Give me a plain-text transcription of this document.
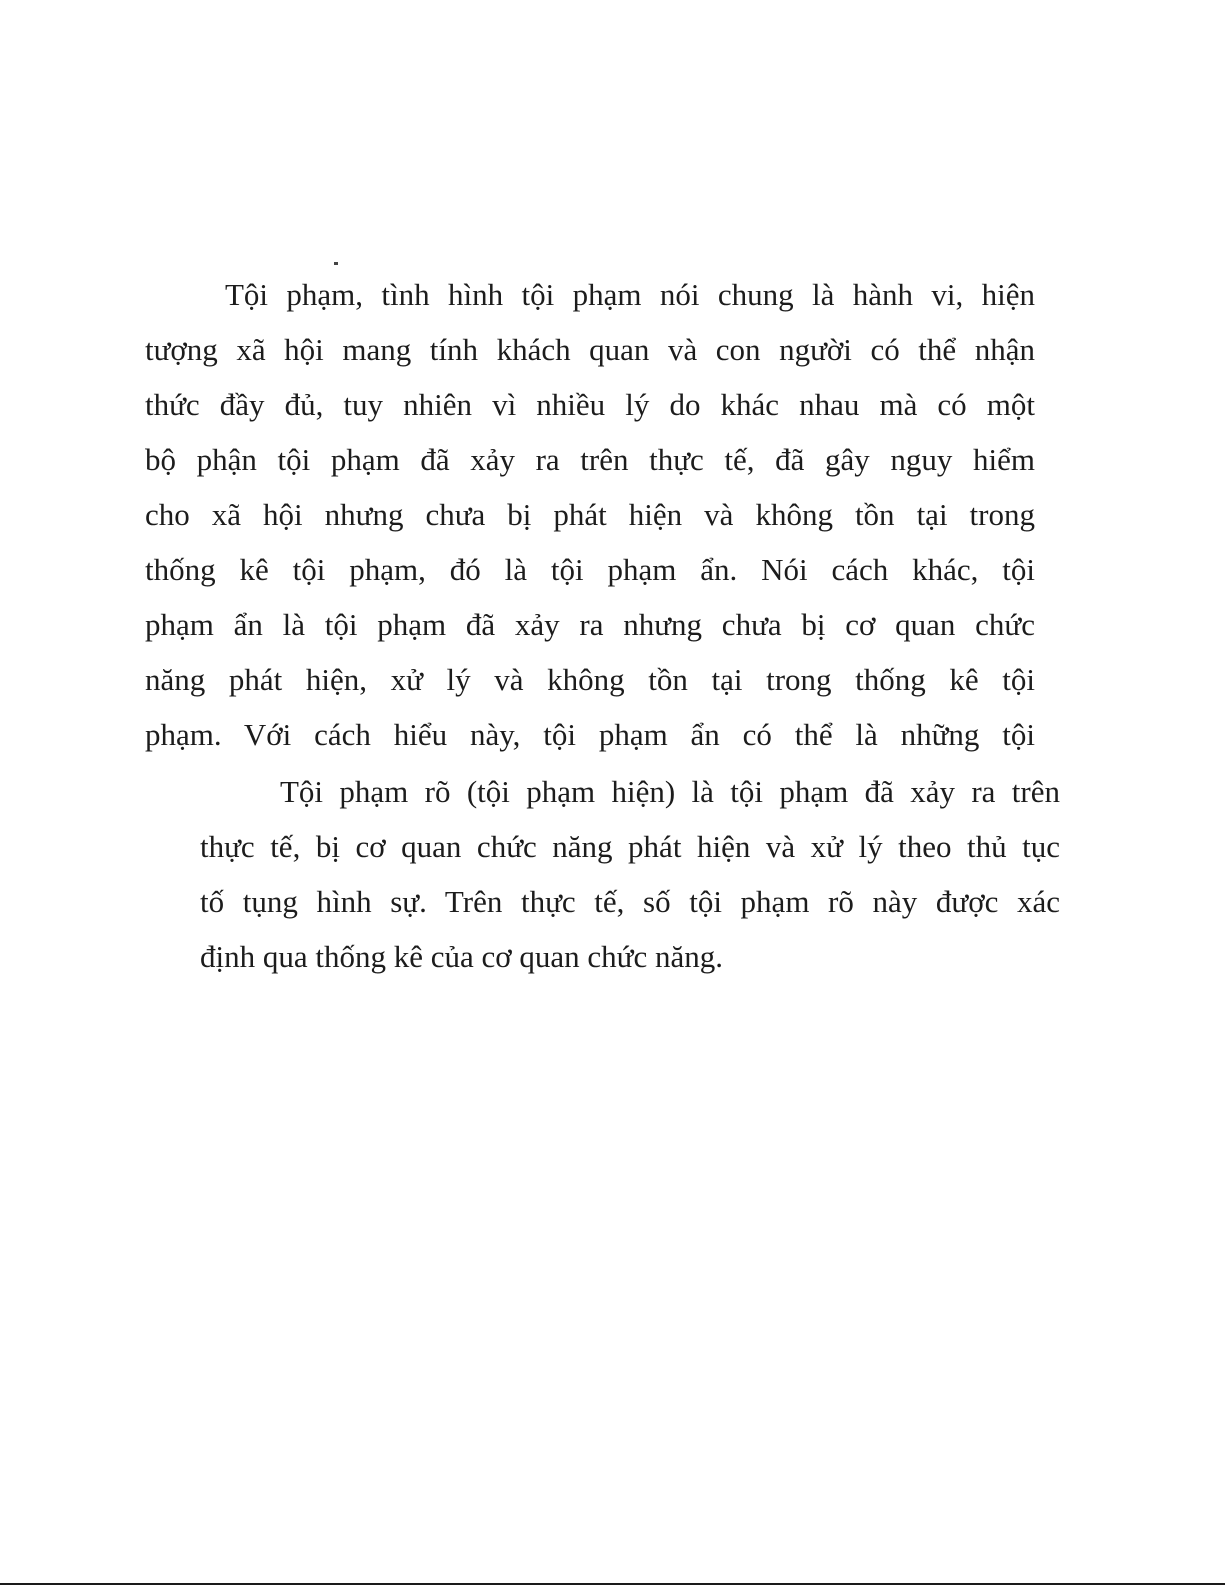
Tội phạm, tình hình tội phạm nói chung là hành vi, hiện
tượng xã hội mang tính khách quan và con người có thể nhận
thức đầy đủ, tuy nhiên vì nhiều lý do khác nhau mà có một
bộ phận tội phạm đã xảy ra trên thực tế, đã gây nguy hiểm
cho xã hội nhưng chưa bị phát hiện và không tồn tại trong
thống kê tội phạm, đó là tội phạm ẩn. Nói cách khác, tội
phạm ẩn là tội phạm đã xảy ra nhưng chưa bị cơ quan chức
năng phát hiện, xử lý và không tồn tại trong thống kê tội
phạm. Với cách hiểu này, tội phạm ẩn có thể là những tội
Tội phạm rõ (tội phạm hiện) là tội phạm đã xảy ra trên
thực tế, bị cơ quan chức năng phát hiện và xử lý theo thủ tục
tố tụng hình sự. Trên thực tế, số tội phạm rõ này được xác
định qua thống kê của cơ quan chức năng.
